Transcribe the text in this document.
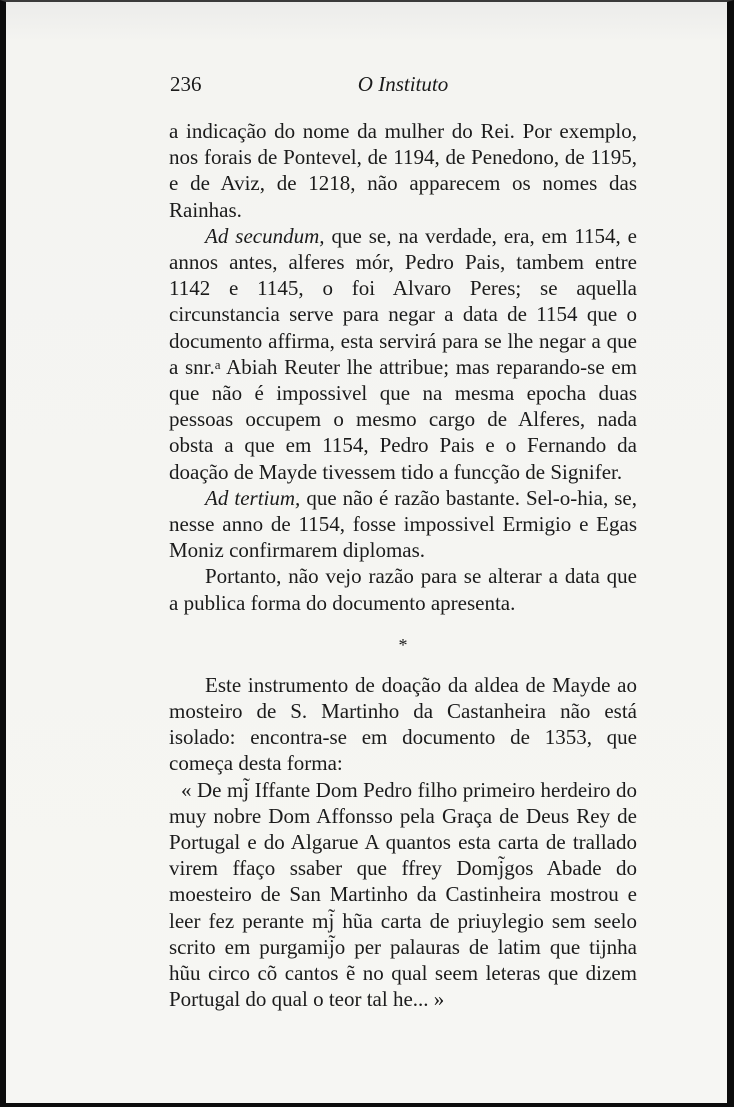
236	O Instituto

a indicação do nome da mulher do Rei. Por exemplo, nos forais de Pontevel, de 1194, de Penedono, de 1195, e de Aviz, de 1218, não apparecem os nomes das Rainhas.

Ad secundum, que se, na verdade, era, em 1154, e annos antes, alferes mór, Pedro Pais, tambem entre 1142 e 1145, o foi Alvaro Peres; se aquella circunstancia serve para negar a data de 1154 que o documento affirma, esta servirá para se lhe negar a que a snr.$^a$ Abiah Reuter lhe attribue; mas reparando-se em que não é impossivel que na mesma epocha duas pessoas occupem o mesmo cargo de Alferes, nada obsta a que em 1154, Pedro Pais e o Fernando da doação de Mayde tivessem tido a funcção de Signifer.

Ad tertium, que não é razão bastante. Sel-o-hia, se, nesse anno de 1154, fosse impossivel Ermigio e Egas Moniz confirmarem diplomas.

Portanto, não vejo razão para se alterar a data que a publica forma do documento apresenta.

*

Este instrumento de doação da aldea de Mayde ao mosteiro de S. Martinho da Castanheira não está isolado: encontra-se em documento de 1353, que começa desta forma:

« De mj̃ Iffante Dom Pedro filho primeiro herdeiro do muy nobre Dom Affonsso pela Graça de Deus Rey de Portugal e do Algarue A quantos esta carta de trallado virem ffaço ssaber que ffrey Domj̃gos Abade do moesteiro de San Martinho da Castinheira mostrou e leer fez perante mj̃ hũa carta de priuylegio sem seelo scrito em purgamij̃o per palauras de latim que tijnha hũu circo cõ cantos ẽ no qual seem leteras que dizem Portugal do qual o teor tal he... »
